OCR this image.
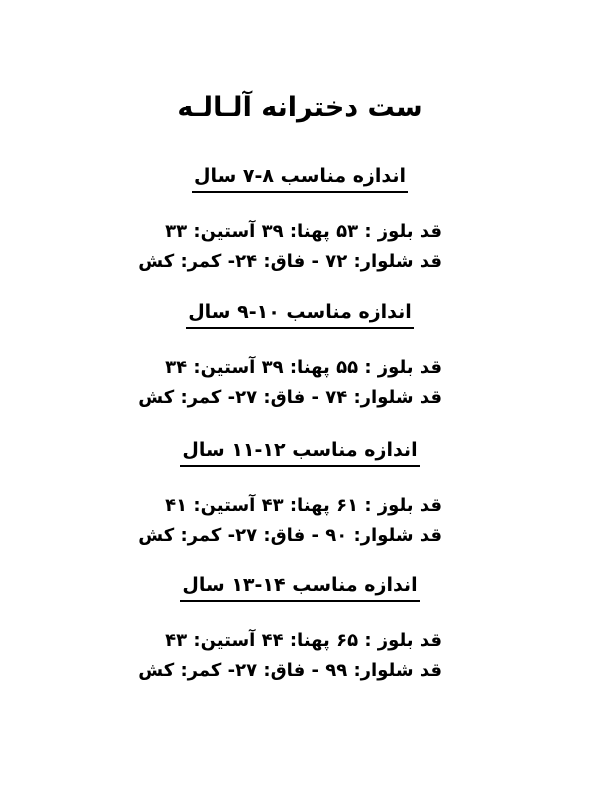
ست دخترانه آلـالـه
اندازه مناسب ۸-۷ سال
قد بلوز : ۵۳ پهنا: ۳۹ آستین: ۳۳
قد شلوار: ۷۲ - فاق: ۲۴- کمر: کش
اندازه مناسب ۱۰-۹ سال
قد بلوز : ۵۵ پهنا: ۳۹ آستین: ۳۴
قد شلوار: ۷۴ - فاق: ۲۷- کمر: کش
اندازه مناسب ۱۲-۱۱ سال
قد بلوز : ۶۱ پهنا: ۴۳ آستین: ۴۱
قد شلوار: ۹۰ - فاق: ۲۷- کمر: کش
اندازه مناسب ۱۴-۱۳ سال
قد بلوز : ۶۵ پهنا: ۴۴ آستین: ۴۳
قد شلوار: ۹۹ - فاق: ۲۷- کمر: کش
